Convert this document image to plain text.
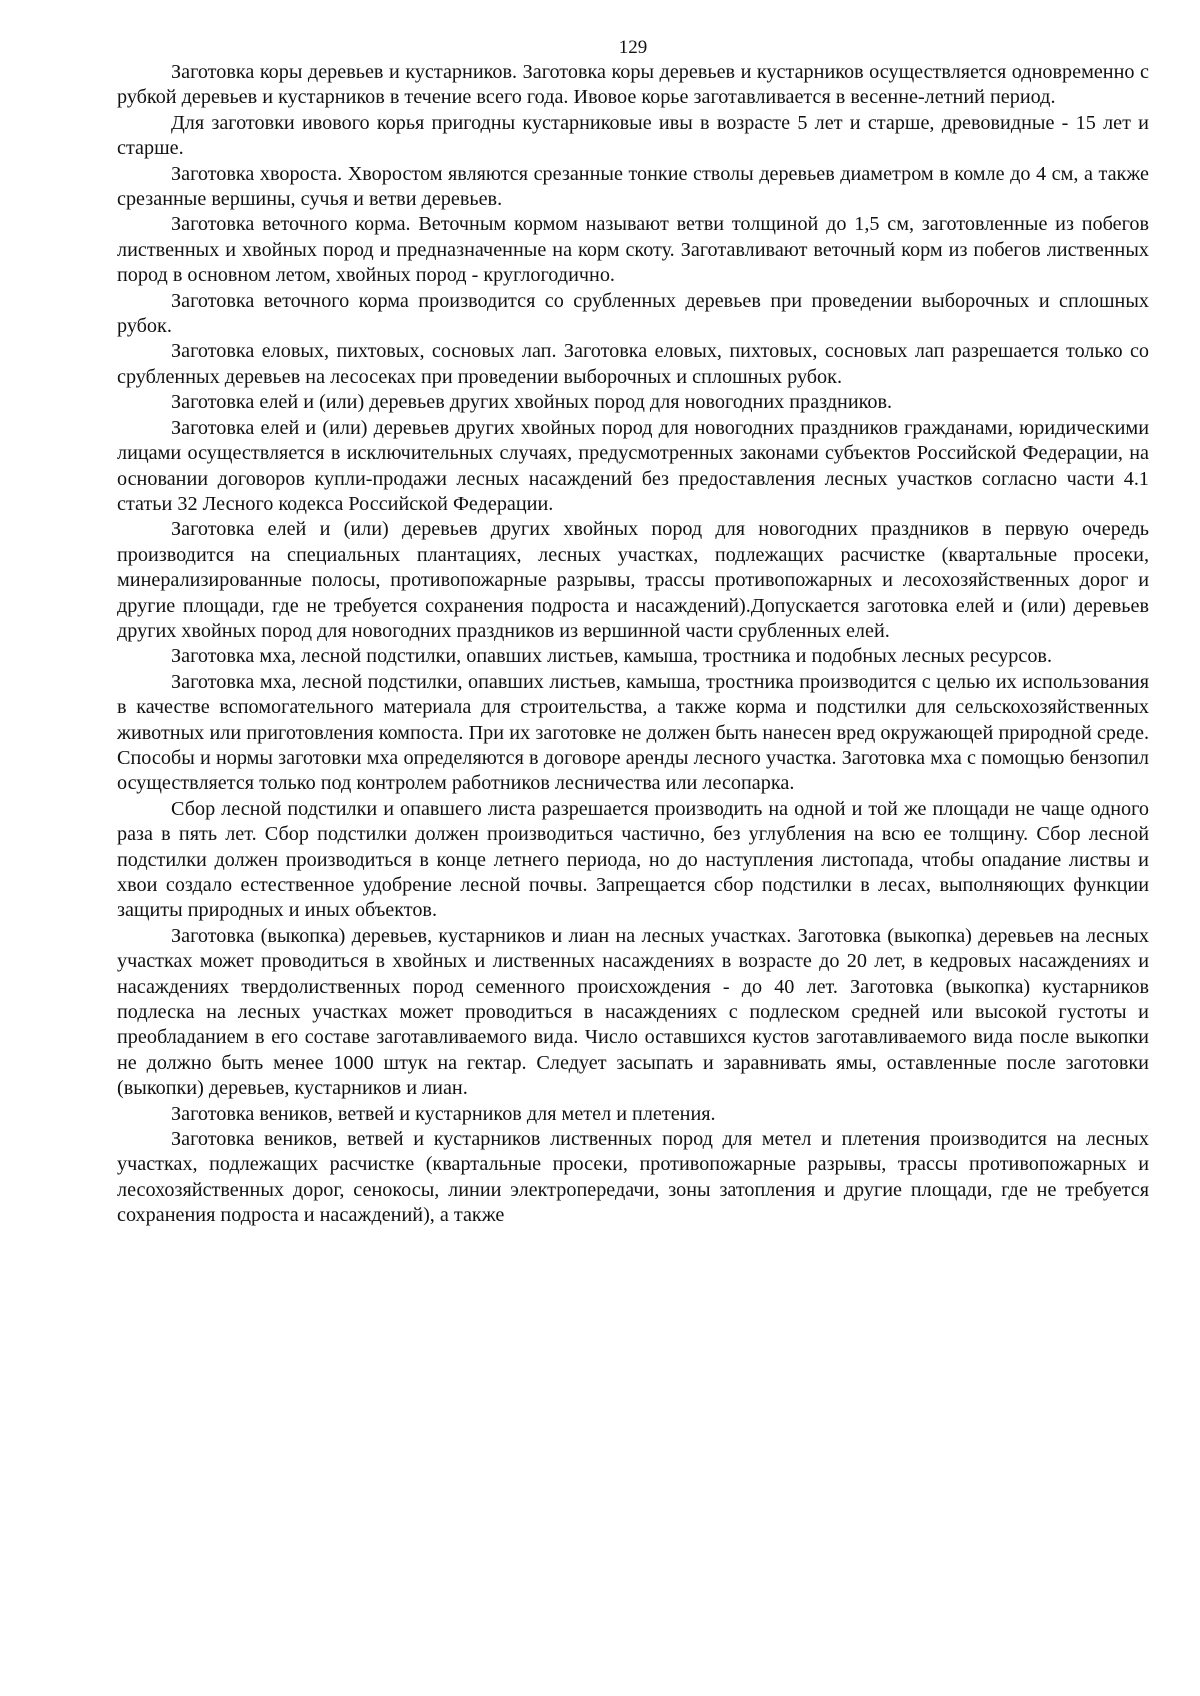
129

Заготовка коры деревьев и кустарников. Заготовка коры деревьев и кустарников осуществляется одновременно с рубкой деревьев и кустарников в течение всего года. Ивовое корье заготавливается в весенне-летний период.

Для заготовки ивового корья пригодны кустарниковые ивы в возрасте 5 лет и старше, древовидные - 15 лет и старше.

Заготовка хвороста. Хворостом являются срезанные тонкие стволы деревьев диаметром в комле до 4 см, а также срезанные вершины, сучья и ветви деревьев.

Заготовка веточного корма. Веточным кормом называют ветви толщиной до 1,5 см, заготовленные из побегов лиственных и хвойных пород и предназначенные на корм скоту. Заготавливают веточный корм из побегов лиственных пород в основном летом, хвойных пород - круглогодично.

Заготовка веточного корма производится со срубленных деревьев при проведении выборочных и сплошных рубок.

Заготовка еловых, пихтовых, сосновых лап. Заготовка еловых, пихтовых, сосновых лап разрешается только со срубленных деревьев на лесосеках при проведении выборочных и сплошных рубок.

Заготовка елей и (или) деревьев других хвойных пород для новогодних праздников.

Заготовка елей и (или) деревьев других хвойных пород для новогодних праздников гражданами, юридическими лицами осуществляется в исключительных случаях, предусмотренных законами субъектов Российской Федерации, на основании договоров купли-продажи лесных насаждений без предоставления лесных участков согласно части 4.1 статьи 32 Лесного кодекса Российской Федерации.

Заготовка елей и (или) деревьев других хвойных пород для новогодних праздников в первую очередь производится на специальных плантациях, лесных участках, подлежащих расчистке (квартальные просеки, минерализированные полосы, противопожарные разрывы, трассы противопожарных и лесохозяйственных дорог и другие площади, где не требуется сохранения подроста и насаждений).Допускается заготовка елей и (или) деревьев других хвойных пород для новогодних праздников из вершинной части срубленных елей.

Заготовка мха, лесной подстилки, опавших листьев, камыша, тростника и подобных лесных ресурсов.

Заготовка мха, лесной подстилки, опавших листьев, камыша, тростника производится с целью их использования в качестве вспомогательного материала для строительства, а также корма и подстилки для сельскохозяйственных животных или приготовления компоста. При их заготовке не должен быть нанесен вред окружающей природной среде. Способы и нормы заготовки мха определяются в договоре аренды лесного участка. Заготовка мха с помощью бензопил осуществляется только под контролем работников лесничества или лесопарка.

Сбор лесной подстилки и опавшего листа разрешается производить на одной и той же площади не чаще одного раза в пять лет. Сбор подстилки должен производиться частично, без углубления на всю ее толщину. Сбор лесной подстилки должен производиться в конце летнего периода, но до наступления листопада, чтобы опадание листвы и хвои создало естественное удобрение лесной почвы. Запрещается сбор подстилки в лесах, выполняющих функции защиты природных и иных объектов.

Заготовка (выкопка) деревьев, кустарников и лиан на лесных участках. Заготовка (выкопка) деревьев на лесных участках может проводиться в хвойных и лиственных насаждениях в возрасте до 20 лет, в кедровых насаждениях и насаждениях твердолиственных пород семенного происхождения - до 40 лет. Заготовка (выкопка) кустарников подлеска на лесных участках может проводиться в насаждениях с подлеском средней или высокой густоты и преобладанием в его составе заготавливаемого вида. Число оставшихся кустов заготавливаемого вида после выкопки не должно быть менее 1000 штук на гектар. Следует засыпать и заравнивать ямы, оставленные после заготовки (выкопки) деревьев, кустарников и лиан.

Заготовка веников, ветвей и кустарников для метел и плетения.

Заготовка веников, ветвей и кустарников лиственных пород для метел и плетения производится на лесных участках, подлежащих расчистке (квартальные просеки, противопожарные разрывы, трассы противопожарных и лесохозяйственных дорог, сенокосы, линии электропередачи, зоны затопления и другие площади, где не требуется сохранения подроста и насаждений), а также
